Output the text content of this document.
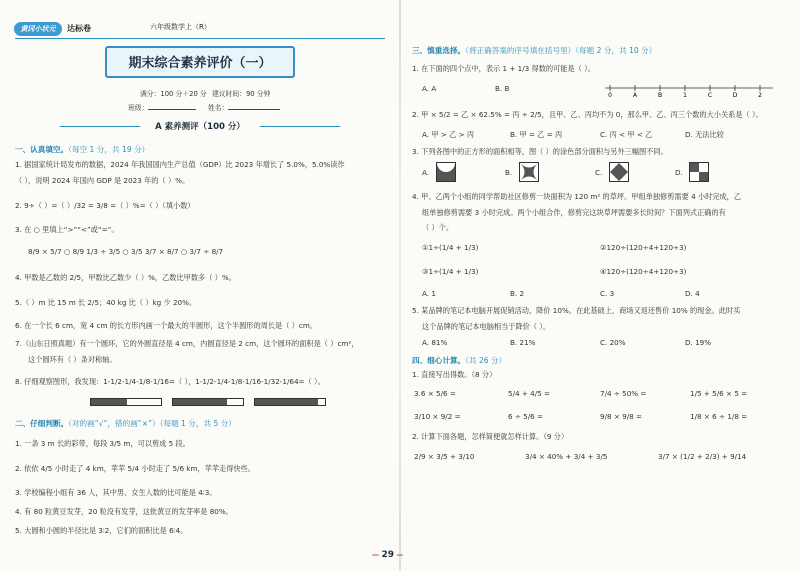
黄冈小状元	达标卷	六年级数学上（R）
期末综合素养评价（一）
满分：100 分＋20 分 建议时间：90 分钟
班级：	姓名：
A 素养测评（100 分）
一、认真填空。（每空 1 分，共 19 分）
1. 据国家统计局发布的数据，2024 年我国国内生产总值（GDP）比 2023 年增长了 5.0%，5.0%读作
（ ），说明 2024 年国内 GDP 是 2023 年的（ ）%。
2. 9÷（ ）=（ ）/32 = 3/8 =（ ）%=（ ）（填小数）
3. 在 ○ 里填上“>”“<”或“=”。
8/9 × 5/7 ○ 8/9 1/3 ÷ 3/5 ○ 3/5 3/7 × 8/7 ○ 3/7 ÷ 8/7
4. 甲数是乙数的 2/5，甲数比乙数少（ ）%，乙数比甲数多（ ）%。
5.（ ）m 比 15 m 长 2/5；40 kg 比（ ）kg 少 20%。
6. 在一个长 6 cm，宽 4 cm 的长方形内画一个最大的半圆形，这个半圆形的周长是（ ）cm。
7.（山东日照真题）有一个圆环，它的外圆直径是 4 cm，内圆直径是 2 cm，这个圆环的面积是（ ）cm²，
这个圆环有（ ）条对称轴。
8. 仔细观察图形，我发现：1-1/2-1/4-1/8-1/16=（ ），1-1/2-1/4-1/8-1/16-1/32-1/64=（ ）。
二、仔细判断。（对的画“√”，错的画“×”）（每题 1 分，共 5 分）
1. 一条 3 m 长的彩带，每段 3/5 m，可以剪成 5 段。
2. 依依 4/5 小时走了 4 km，苹苹 5/4 小时走了 5/6 km，苹苹走得快些。
3. 学校编程小组有 36 人，其中男、女生人数的比可能是 4∶3。
4. 有 80 粒黄豆发芽，20 粒没有发芽，这批黄豆的发芽率是 80%。
5. 大圆和小圆的半径比是 3∶2，它们的面积比是 6∶4。
三、慎重选择。（将正确答案的序号填在括号里）（每题 2 分，共 10 分）
1. 在下面的四个点中，表示 1 + 1/3 得数的可能是（ ）。
0	A	B	1	C	D	2
A. A	B. B
2. 甲 × 5/2 = 乙 × 62.5% = 丙 ÷ 2/5，且甲、乙、丙均不为 0，那么甲、乙、丙三个数的大小关系是（ ）。
A. 甲 > 乙 > 丙	B. 甲 = 乙 = 丙	C. 丙 < 甲 < 乙	D. 无法比较
3. 下列各图中的正方形的面积相等，图（ ）的涂色部分面积与另外三幅图不同。
A.	B.	C.	D.
4. 甲、乙两个小组的同学帮助社区修剪一块面积为 120 m² 的草坪。甲组单独修剪需要 4 小时完成，乙
组单独修剪需要 3 小时完成。两个小组合作，修剪完这块草坪需要多长时间？下面列式正确的有
（ ）个。
①1÷(1/4 + 1/3)	②120÷(120÷4+120÷3)
③1÷(1/4 + 1/3)	④120÷(120÷4+120÷3)
A. 1	B. 2	C. 3	D. 4
5. 某品牌的笔记本电脑开展促销活动，降价 10%。在此基础上，商场又返还售价 10% 的现金。此时买
这个品牌的笔记本电脑相当于降价（ ）。
A. 81%	B. 21%	C. 20%	D. 19%
四、细心计算。（共 26 分）
1. 直接写出得数。（8 分）
3.6 × 5/6 =	5/4 + 4/5 =	7/4 ÷ 50% =	1/5 + 5/6 × 5 =
3/10 × 9/2 =	6 ÷ 5/6 =	9/8 × 9/8 =	1/8 × 6 ÷ 1/8 =
2. 计算下面各题，怎样简便就怎样计算。（9 分）
2/9 × 3/5 + 3/10	3/4 × 40% + 3/4 + 3/5	3/7 × (1/2 + 2/3) + 9/14
— 29 —
